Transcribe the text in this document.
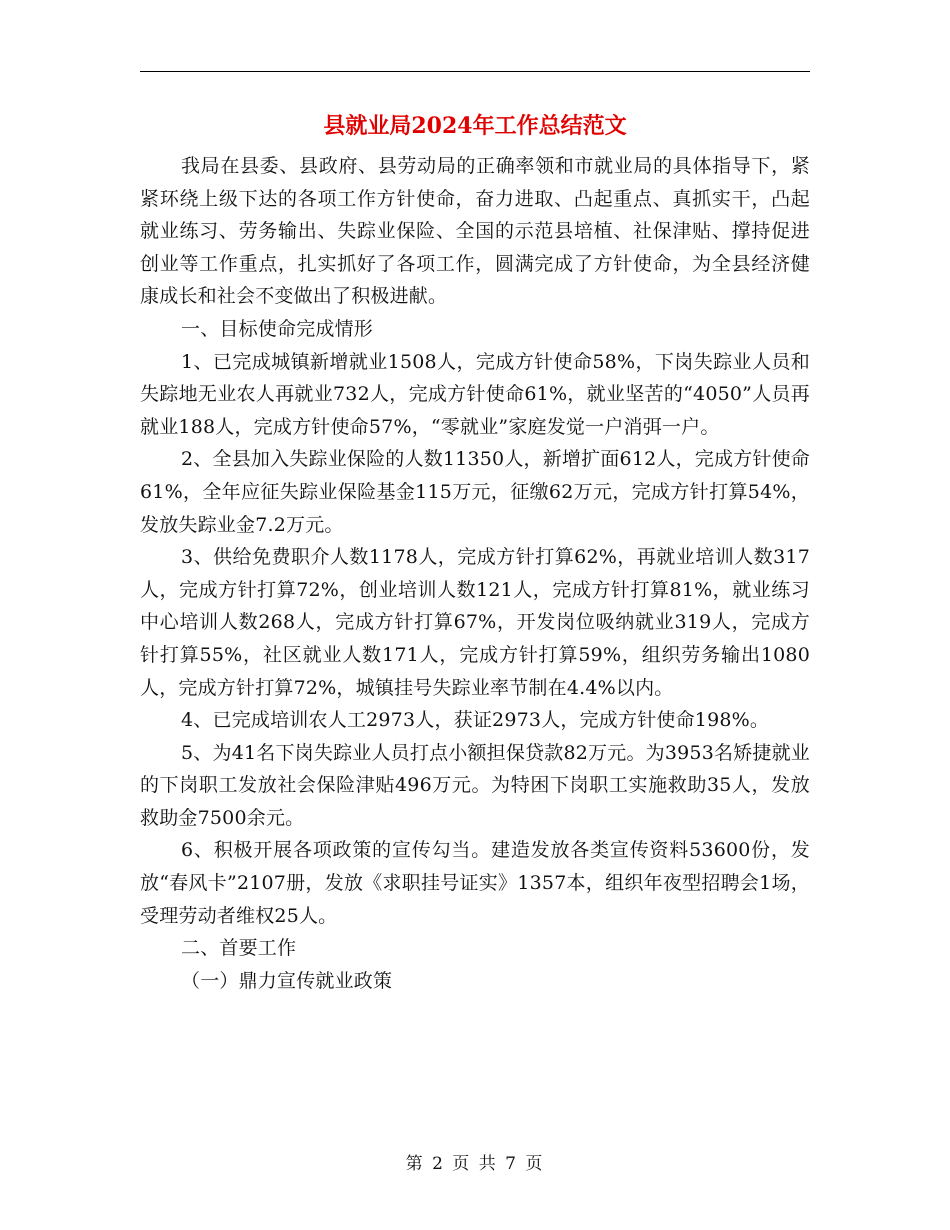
县就业局2024年工作总结范文

我局在县委、县政府、县劳动局的正确率领和市就业局的具体指导下，紧紧环绕上级下达的各项工作方针使命，奋力进取、凸起重点、真抓实干，凸起就业练习、劳务输出、失踪业保险、全国的示范县培植、社保津贴、撑持促进创业等工作重点，扎实抓好了各项工作，圆满完成了方针使命，为全县经济健康成长和社会不变做出了积极进献。

一、目标使命完成情形

1、已完成城镇新增就业1508人，完成方针使命58%，下岗失踪业人员和失踪地无业农人再就业732人，完成方针使命61%，就业坚苦的“4050”人员再就业188人，完成方针使命57%，“零就业”家庭发觉一户消弭一户。

2、全县加入失踪业保险的人数11350人，新增扩面612人，完成方针使命61%，全年应征失踪业保险基金115万元，征缴62万元，完成方针打算54%，发放失踪业金7.2万元。

3、供给免费职介人数1178人，完成方针打算62%，再就业培训人数317人，完成方针打算72%，创业培训人数121人，完成方针打算81%，就业练习中心培训人数268人，完成方针打算67%，开发岗位吸纳就业319人，完成方针打算55%，社区就业人数171人，完成方针打算59%，组织劳务输出1080人，完成方针打算72%，城镇挂号失踪业率节制在4.4%以内。

4、已完成培训农人工2973人，获证2973人，完成方针使命198%。

5、为41名下岗失踪业人员打点小额担保贷款82万元。为3953名矫捷就业的下岗职工发放社会保险津贴496万元。为特困下岗职工实施救助35人，发放救助金7500余元。

6、积极开展各项政策的宣传勾当。建造发放各类宣传资料53600份，发放“春风卡”2107册，发放《求职挂号证实》1357本，组织年夜型招聘会1场，受理劳动者维权25人。

二、首要工作

（一）鼎力宣传就业政策

第 2 页 共 7 页
